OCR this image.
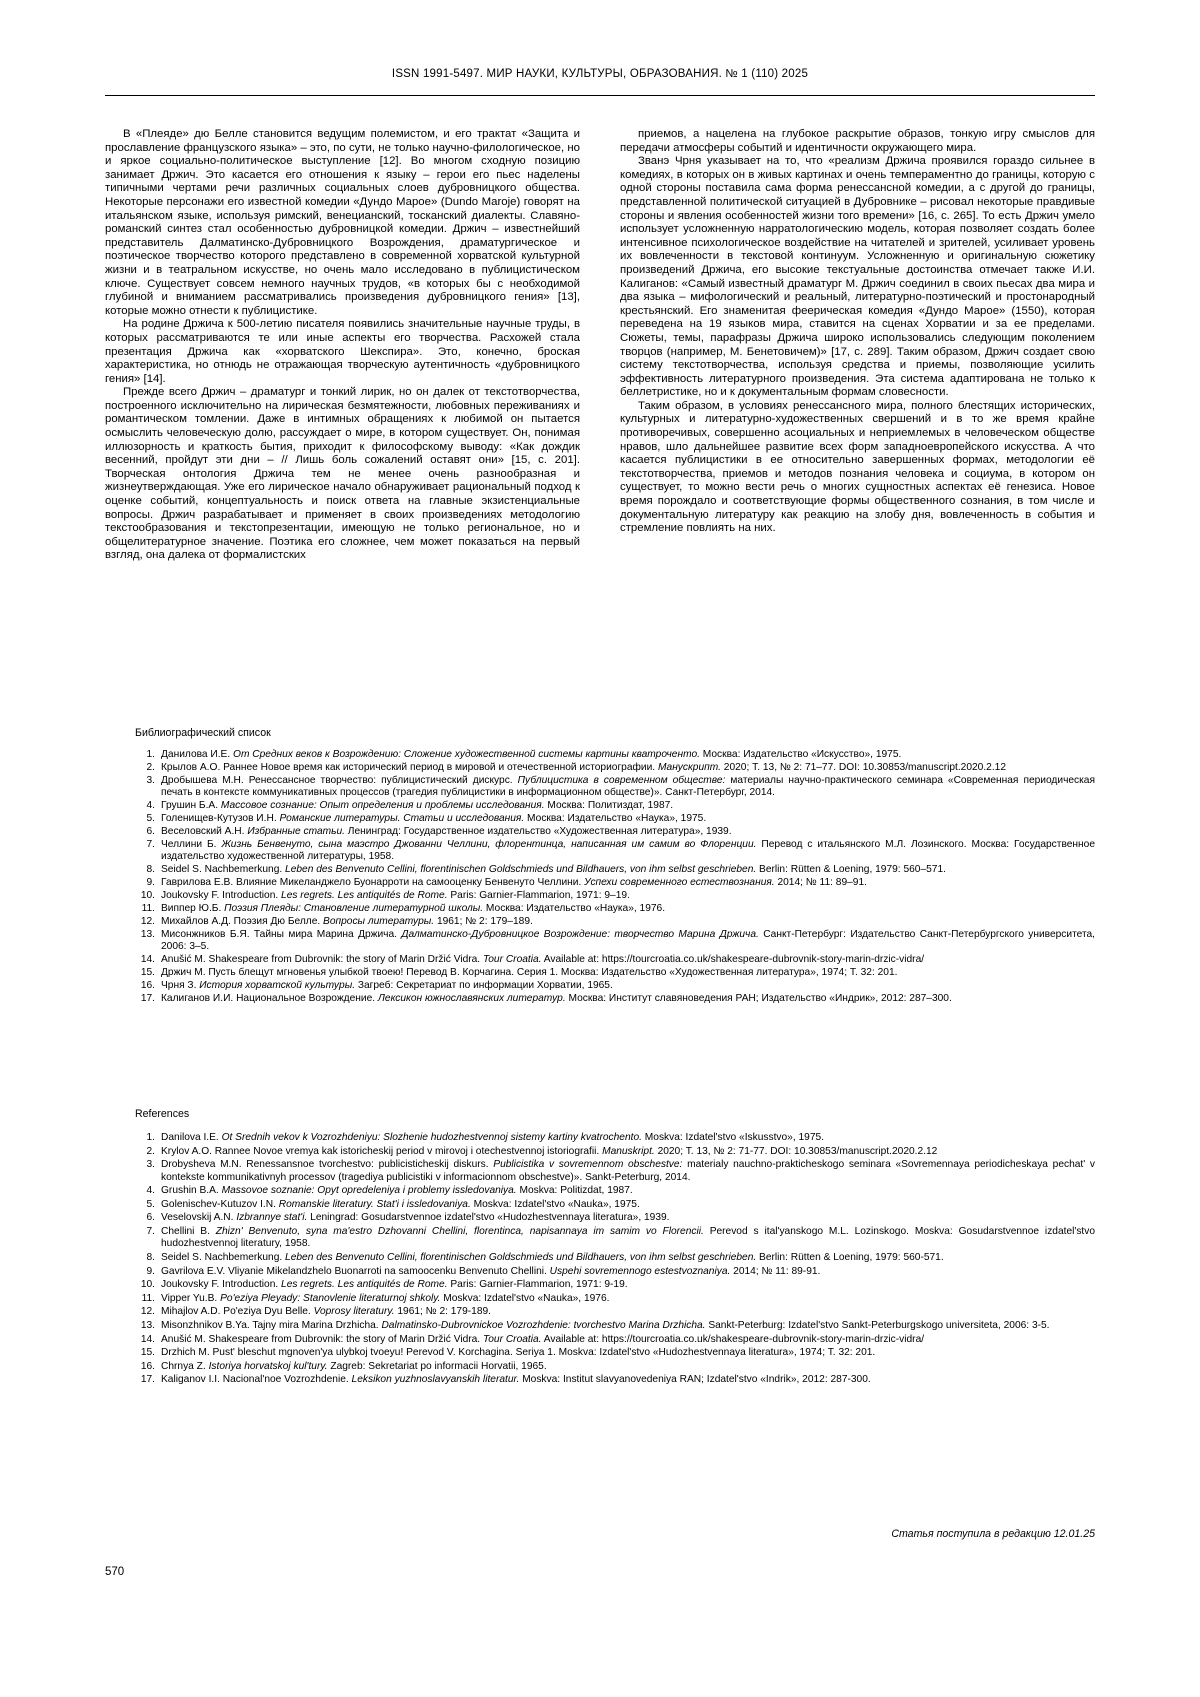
ISSN 1991-5497. МИР НАУКИ, КУЛЬТУРЫ, ОБРАЗОВАНИЯ. № 1 (110) 2025

В «Плеяде» дю Белле становится ведущим полемистом, и его трактат «Защита и прославление французского языка» – это, по сути, не только научно-филологическое, но и яркое социально-политическое выступление [12]. Во многом сходную позицию занимает Држич. Это касается его отношения к языку – герои его пьес наделены типичными чертами речи различных социальных слоев дубровницкого общества. Некоторые персонажи его известной комедии «Дундо Марое» (Dundo Maroje) говорят на итальянском языке, используя римский, венецианский, тосканский диалекты. Славяно-романский синтез стал особенностью дубровницкой комедии. Држич – известнейший представитель Далматинско-Дубровницкого Возрождения, драматургическое и поэтическое творчество которого представлено в современной хорватской культурной жизни и в театральном искусстве, но очень мало исследовано в публицистическом ключе. Существует совсем немного научных трудов, «в которых бы с необходимой глубиной и вниманием рассматривались произведения дубровницкого гения» [13], которые можно отнести к публицистике.

На родине Држича к 500-летию писателя появились значительные научные труды, в которых рассматриваются те или иные аспекты его творчества. Расхожей стала презентация Држича как «хорватского Шекспира». Это, конечно, броская характеристика, но отнюдь не отражающая творческую аутентичность «дубровницкого гения» [14].

Прежде всего Држич – драматург и тонкий лирик, но он далек от текстотворчества, построенного исключительно на лирическая безмятежности, любовных переживаниях и романтическом томлении. Даже в интимных обращениях к любимой он пытается осмыслить человеческую долю, рассуждает о мире, в котором существует. Он, понимая иллюзорность и краткость бытия, приходит к философскому выводу: «Как дождик весенний, пройдут эти дни – // Лишь боль сожалений оставят они» [15, с. 201]. Творческая онтология Држича тем не менее очень разнообразная и жизнеутверждающая. Уже его лирическое начало обнаруживает рациональный подход к оценке событий, концептуальность и поиск ответа на главные экзистенциальные вопросы. Држич разрабатывает и применяет в своих произведениях методологию текстообразования и текстопрезентации, имеющую не только региональное, но и общелитературное значение. Поэтика его сложнее, чем может показаться на первый взгляд, она далека от формалистских

приемов, а нацелена на глубокое раскрытие образов, тонкую игру смыслов для передачи атмосферы событий и идентичности окружающего мира.

Званэ Чрня указывает на то, что «реализм Држича проявился гораздо сильнее в комедиях, в которых он в живых картинах и очень темпераментно до границы, которую с одной стороны поставила сама форма ренессансной комедии, а с другой до границы, представленной политической ситуацией в Дубровнике – рисовал некоторые правдивые стороны и явления особенностей жизни того времени» [16, с. 265]. То есть Држич умело использует усложненную нарратологическию модель, которая позволяет создать более интенсивное психологическое воздействие на читателей и зрителей, усиливает уровень их вовлеченности в текстовой континуум. Усложненную и оригинальную сюжетику произведений Држича, его высокие текстуальные достоинства отмечает также И.И. Калиганов: «Самый известный драматург М. Држич соединил в своих пьесах два мира и два языка – мифологический и реальный, литературно-поэтический и простонародный крестьянский. Его знаменитая феерическая комедия «Дундо Марое» (1550), которая переведена на 19 языков мира, ставится на сценах Хорватии и за ее пределами. Сюжеты, темы, парафразы Држича широко использовались следующим поколением творцов (например, М. Бенетовичем)» [17, с. 289]. Таким образом, Држич создает свою систему текстотворчества, используя средства и приемы, позволяющие усилить эффективность литературного произведения. Эта система адаптирована не только к беллетристике, но и к документальным формам словесности.

Таким образом, в условиях ренессансного мира, полного блестящих исторических, культурных и литературно-художественных свершений и в то же время крайне противоречивых, совершенно асоциальных и неприемлемых в человеческом обществе нравов, шло дальнейшее развитие всех форм западноевропейского искусства. А что касается публицистики в ее относительно завершенных формах, методологии её текстотворчества, приемов и методов познания человека и социума, в котором он существует, то можно вести речь о многих сущностных аспектах её генезиса. Новое время порождало и соответствующие формы общественного сознания, в том числе и документальную литературу как реакцию на злобу дня, вовлеченность в события и стремление повлиять на них.

Библиографический список
1. Данилова И.Е. От Средних веков к Возрождению: Сложение художественной системы картины кватроченто. Москва: Издательство «Искусство», 1975.
2. Крылов А.О. Раннее Новое время как исторический период в мировой и отечественной историографии. Манускрипт. 2020; Т. 13, № 2: 71–77. DOI: 10.30853/manuscript.2020.2.12
3. Дробышева М.Н. Ренессансное творчество: публицистический дискурс. Публицистика в современном обществе: материалы научно-практического семинара «Современная периодическая печать в контексте коммуникативных процессов (трагедия публицистики в информационном обществе)». Санкт-Петербург, 2014.
4. Грушин Б.А. Массовое сознание: Опыт определения и проблемы исследования. Москва: Политиздат, 1987.
5. Голенищев-Кутузов И.Н. Романские литературы. Статьи и исследования. Москва: Издательство «Наука», 1975.
6. Веселовский А.Н. Избранные статьи. Ленинград: Государственное издательство «Художественная литература», 1939.
7. Челлини Б. Жизнь Бенвенуто, сына маэстро Джованни Челлини, флорентинца, написанная им самим во Флоренции. Перевод с итальянского М.Л. Лозинского. Москва: Государственное издательство художественной литературы, 1958.
8. Seidel S. Nachbemerkung. Leben des Benvenuto Cellini, florentinischen Goldschmieds und Bildhauers, von ihm selbst geschrieben. Berlin: Rütten & Loening, 1979: 560–571.
9. Гаврилова Е.В. Влияние Микеланджело Буонарроти на самооценку Бенвенуто Челлини. Успехи современного естествознания. 2014; № 11: 89–91.
10. Joukovsky F. Introduction. Les regrets. Les antiquités de Rome. Paris: Garnier-Flammarion, 1971: 9–19.
11. Виппер Ю.Б. Поэзия Плеяды: Становление литературной школы. Москва: Издательство «Наука», 1976.
12. Михайлов А.Д. Поэзия Дю Белле. Вопросы литературы. 1961; № 2: 179–189.
13. Мисонжников Б.Я. Тайны мира Марина Држича. Далматинско-Дубровницкое Возрождение: творчество Марина Држича. Санкт-Петербург: Издательство Санкт-Петербургского университета, 2006: 3–5.
14. Anušić M. Shakespeare from Dubrovnik: the story of Marin Držić Vidra. Tour Croatia. Available at: https://tourcroatia.co.uk/shakespeare-dubrovnik-story-marin-drzic-vidra/
15. Држич М. Пусть блещут мгновенья улыбкой твоею! Перевод В. Корчагина. Серия 1. Москва: Издательство «Художественная литература», 1974; Т. 32: 201.
16. Чрня З. История хорватской культуры. Загреб: Секретариат по информации Хорватии, 1965.
17. Калиганов И.И. Национальное Возрождение. Лексикон южнославянских литератур. Москва: Институт славяноведения РАН; Издательство «Индрик», 2012: 287–300.
References
1. Danilova I.E. Ot Srednih vekov k Vozrozhdeniyu: Slozhenie hudozhestvennoj sistemy kartiny kvatrochento. Moskva: Izdatel'stvo «Iskusstvo», 1975.
2. Krylov A.O. Rannee Novoe vremya kak istoricheskij period v mirovoj i otechestvennoj istoriografii. Manuskript. 2020; T. 13, № 2: 71-77. DOI: 10.30853/manuscript.2020.2.12
3. Drobysheva M.N. Renessansnoe tvorchestvo: publicisticheskij diskurs. Publicistika v sovremennom obschestve: materialy nauchno-prakticheskogo seminara «Sovremennaya periodicheskaya pechat' v kontekste kommunikativnyh processov (tragediya publicistiki v informacionnom obschestve)». Sankt-Peterburg, 2014.
4. Grushin B.A. Massovoe soznanie: Opyt opredeleniya i problemy issledovaniya. Moskva: Politizdat, 1987.
5. Golenischev-Kutuzov I.N. Romanskie literatury. Stat'i i issledovaniya. Moskva: Izdatel'stvo «Nauka», 1975.
6. Veselovskij A.N. Izbrannye stat'i. Leningrad: Gosudarstvennoe izdatel'stvo «Hudozhestvennaya literatura», 1939.
7. Chellini B. Zhizn' Benvenuto, syna ma'estro Dzhovanni Chellini, florentinca, napisannaya im samim vo Florencii. Perevod s ital'yanskogo M.L. Lozinskogo. Moskva: Gosudarstvennoe izdatel'stvo hudozhestvennoj literatury, 1958.
8. Seidel S. Nachbemerkung. Leben des Benvenuto Cellini, florentinischen Goldschmieds und Bildhauers, von ihm selbst geschrieben. Berlin: Rütten & Loening, 1979: 560-571.
9. Gavrilova E.V. Vliyanie Mikelandzhelo Buonarroti na samoocenku Benvenuto Chellini. Uspehi sovremennogo estestvoznaniya. 2014; № 11: 89-91.
10. Joukovsky F. Introduction. Les regrets. Les antiquités de Rome. Paris: Garnier-Flammarion, 1971: 9-19.
11. Vipper Yu.B. Po'eziya Pleyady: Stanovlenie literaturnoj shkoly. Moskva: Izdatel'stvo «Nauka», 1976.
12. Mihajlov A.D. Po'eziya Dyu Belle. Voprosy literatury. 1961; № 2: 179-189.
13. Misonzhnikov B.Ya. Tajny mira Marina Drzhicha. Dalmatinsko-Dubrovnickoe Vozrozhdenie: tvorchestvo Marina Drzhicha. Sankt-Peterburg: Izdatel'stvo Sankt-Peterburgskogo universiteta, 2006: 3-5.
14. Anušić M. Shakespeare from Dubrovnik: the story of Marin Držić Vidra. Tour Croatia. Available at: https://tourcroatia.co.uk/shakespeare-dubrovnik-story-marin-drzic-vidra/
15. Drzhich M. Pust' bleschut mgnoven'ya ulybkoj tvoeyu! Perevod V. Korchagina. Seriya 1. Moskva: Izdatel'stvo «Hudozhestvennaya literatura», 1974; T. 32: 201.
16. Chrnya Z. Istoriya horvatskoj kul'tury. Zagreb: Sekretariat po informacii Horvatii, 1965.
17. Kaliganov I.I. Nacional'noe Vozrozhdenie. Leksikon yuzhnoslavyanskih literatur. Moskva: Institut slavyanovedeniya RAN; Izdatel'stvo «Indrik», 2012: 287-300.
Статья поступила в редакцию 12.01.25
570
